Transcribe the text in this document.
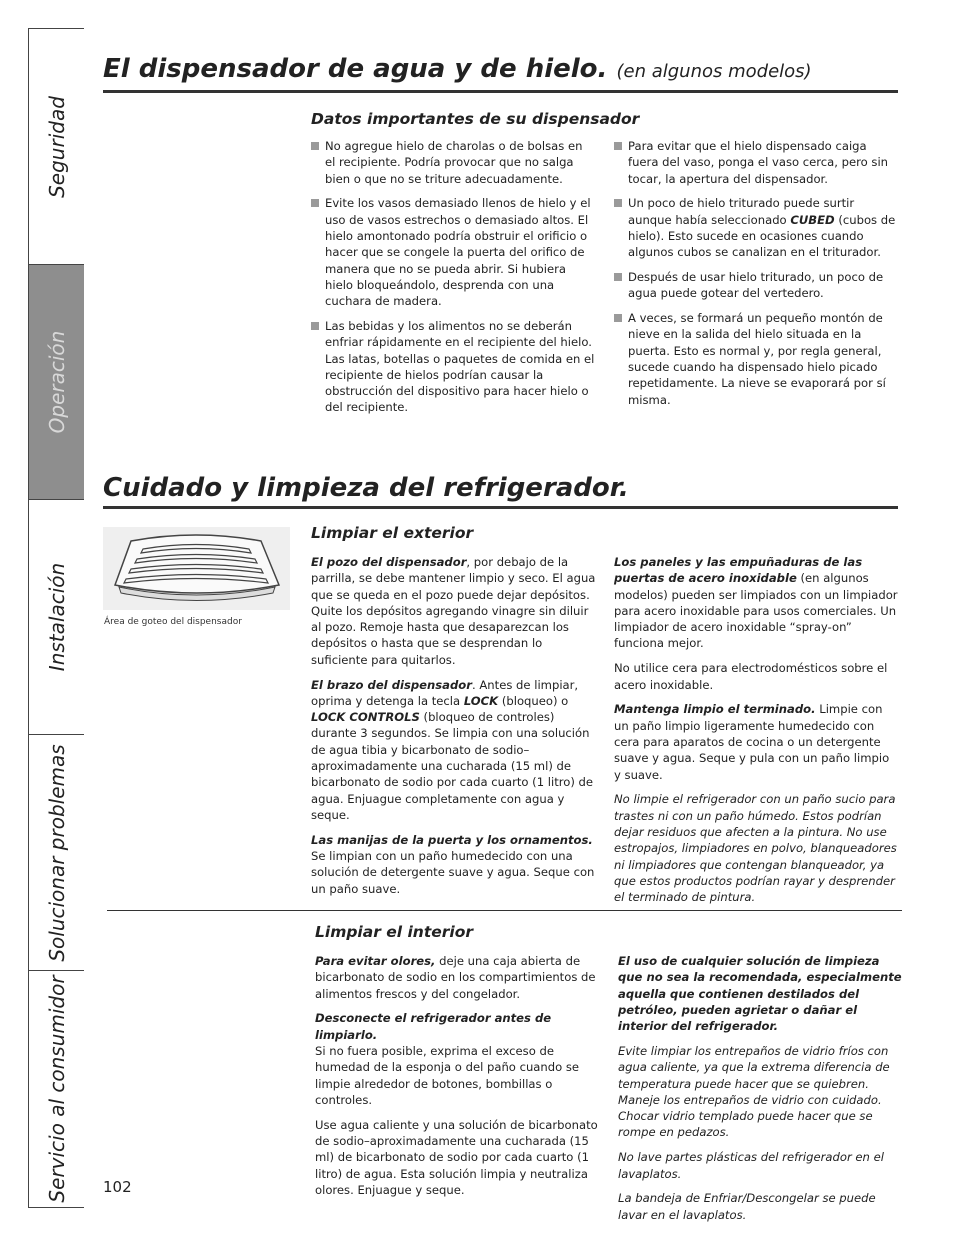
Seguridad
Operación
Instalación
Solucionar problemas
Servicio al consumidor
El dispensador de agua y de hielo. (en algunos modelos)
Datos importantes de su dispensador
No agregue hielo de charolas o de bolsas en el recipiente. Podría provocar que no salga bien o que no se triture adecuadamente.
Evite los vasos demasiado llenos de hielo y el uso de vasos estrechos o demasiado altos. El hielo amontonado podría obstruir el orificio o hacer que se congele la puerta del orifico de manera que no se pueda abrir. Si hubiera hielo bloqueándolo, desprenda con una cuchara de madera.
Las bebidas y los alimentos no se deberán enfriar rápidamente en el recipiente del hielo. Las latas, botellas o paquetes de comida en el recipiente de hielos podrían causar la obstrucción del dispositivo para hacer hielo o del recipiente.
Para evitar que el hielo dispensado caiga fuera del vaso, ponga el vaso cerca, pero sin tocar, la apertura del dispensador.
Un poco de hielo triturado puede surtir aunque había seleccionado CUBED (cubos de hielo). Esto sucede en ocasiones cuando algunos cubos se canalizan en el triturador.
Después de usar hielo triturado, un poco de agua puede gotear del vertedero.
A veces, se formará un pequeño montón de nieve en la salida del hielo situada en la puerta. Esto es normal y, por regla general, sucede cuando ha dispensado hielo picado repetidamente. La nieve se evaporará por sí misma.
Cuidado y limpieza del refrigerador.
Área de goteo del dispensador
Limpiar el exterior

El pozo del dispensador, por debajo de la parrilla, se debe mantener limpio y seco. El agua que se queda en el pozo puede dejar depósitos. Quite los depósitos agregando vinagre sin diluir al pozo. Remoje hasta que desaparezcan los depósitos o hasta que se desprendan lo suficiente para quitarlos.

El brazo del dispensador. Antes de limpiar, oprima y detenga la tecla LOCK (bloqueo) o LOCK CONTROLS (bloqueo de controles) durante 3 segundos. Se limpia con una solución de agua tibia y bicarbonato de sodio–aproximadamente una cucharada (15 ml) de bicarbonato de sodio por cada cuarto (1 litro) de agua. Enjuague completamente con agua y seque.

Las manijas de la puerta y los ornamentos.
Se limpian con un paño humedecido con una solución de detergente suave y agua. Seque con un paño suave.

Los paneles y las empuñaduras de las puertas de acero inoxidable (en algunos modelos) pueden ser limpiados con un limpiador para acero inoxidable para usos comerciales. Un limpiador de acero inoxidable “spray-on” funciona mejor.

No utilice cera para electrodomésticos sobre el acero inoxidable.

Mantenga limpio el terminado. Limpie con un paño limpio ligeramente humedecido con cera para aparatos de cocina o un detergente suave y agua. Seque y pula con un paño limpio y suave.

No limpie el refrigerador con un paño sucio para trastes ni con un paño húmedo. Estos podrían dejar residuos que afecten a la pintura. No use estropajos, limpiadores en polvo, blanqueadores ni limpiadores que contengan blanqueador, ya que estos productos podrían rayar y desprender el terminado de pintura.

Limpiar el interior

Para evitar olores, deje una caja abierta de bicarbonato de sodio en los compartimientos de alimentos frescos y del congelador.

Desconecte el refrigerador antes de limpiarlo.
Si no fuera posible, exprima el exceso de humedad de la esponja o del paño cuando se limpie alrededor de botones, bombillas o controles.

Use agua caliente y una solución de bicarbonato de sodio–aproximadamente una cucharada (15 ml) de bicarbonato de sodio por cada cuarto (1 litro) de agua. Esta solución limpia y neutraliza olores. Enjuague y seque.

El uso de cualquier solución de limpieza que no sea la recomendada, especialmente aquella que contienen destilados del petróleo, pueden agrietar o dañar el interior del refrigerador.

Evite limpiar los entrepaños de vidrio fríos con agua caliente, ya que la extrema diferencia de temperatura puede hacer que se quiebren. Maneje los entrepaños de vidrio con cuidado. Chocar vidrio templado puede hacer que se rompe en pedazos.

No lave partes plásticas del refrigerador en el lavaplatos.

La bandeja de Enfriar/Descongelar se puede lavar en el lavaplatos.

102
